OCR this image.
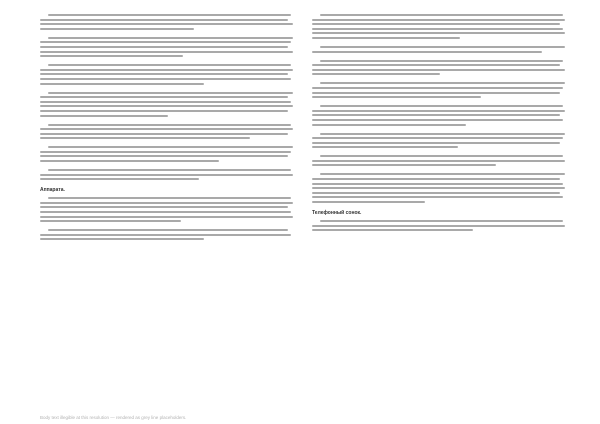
Аппарата.
Телефонный сонок.
Body text illegible at this resolution — rendered as grey line placeholders.
